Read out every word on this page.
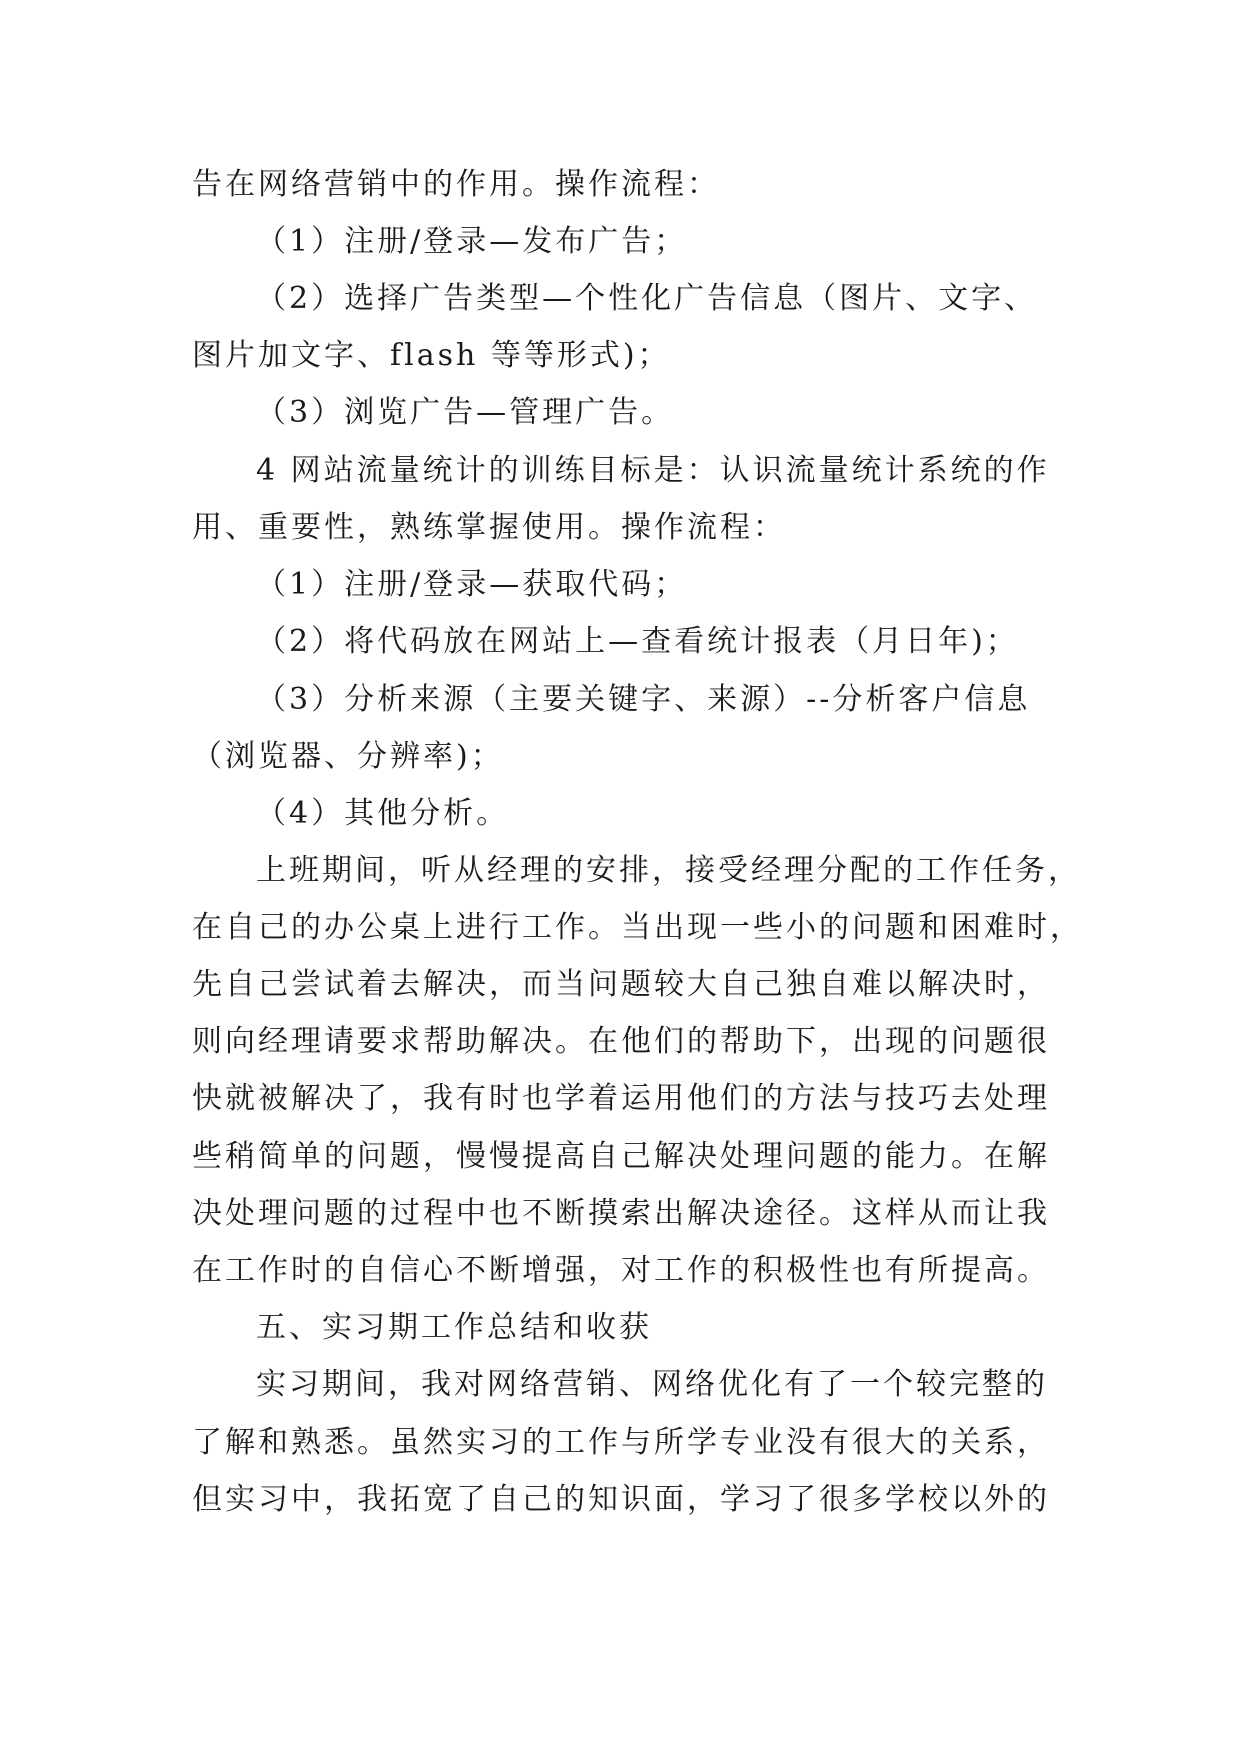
告在网络营销中的作用。操作流程：
（1）注册/登录—发布广告；
（2）选择广告类型—个性化广告信息（图片、文字、
图片加文字、flash 等等形式)；
（3）浏览广告—管理广告。
4 网站流量统计的训练目标是：认识流量统计系统的作
用、重要性，熟练掌握使用。操作流程：
（1）注册/登录—获取代码；
（2）将代码放在网站上—查看统计报表（月日年)；
（3）分析来源（主要关键字、来源）--分析客户信息
（浏览器、分辨率)；
（4）其他分析。
上班期间，听从经理的安排，接受经理分配的工作任务，
在自己的办公桌上进行工作。当出现一些小的问题和困难时，
先自己尝试着去解决，而当问题较大自己独自难以解决时，
则向经理请要求帮助解决。在他们的帮助下，出现的问题很
快就被解决了，我有时也学着运用他们的方法与技巧去处理
些稍简单的问题，慢慢提高自己解决处理问题的能力。在解
决处理问题的过程中也不断摸索出解决途径。这样从而让我
在工作时的自信心不断增强，对工作的积极性也有所提高。
五、实习期工作总结和收获
实习期间，我对网络营销、网络优化有了一个较完整的
了解和熟悉。虽然实习的工作与所学专业没有很大的关系，
但实习中，我拓宽了自己的知识面，学习了很多学校以外的
